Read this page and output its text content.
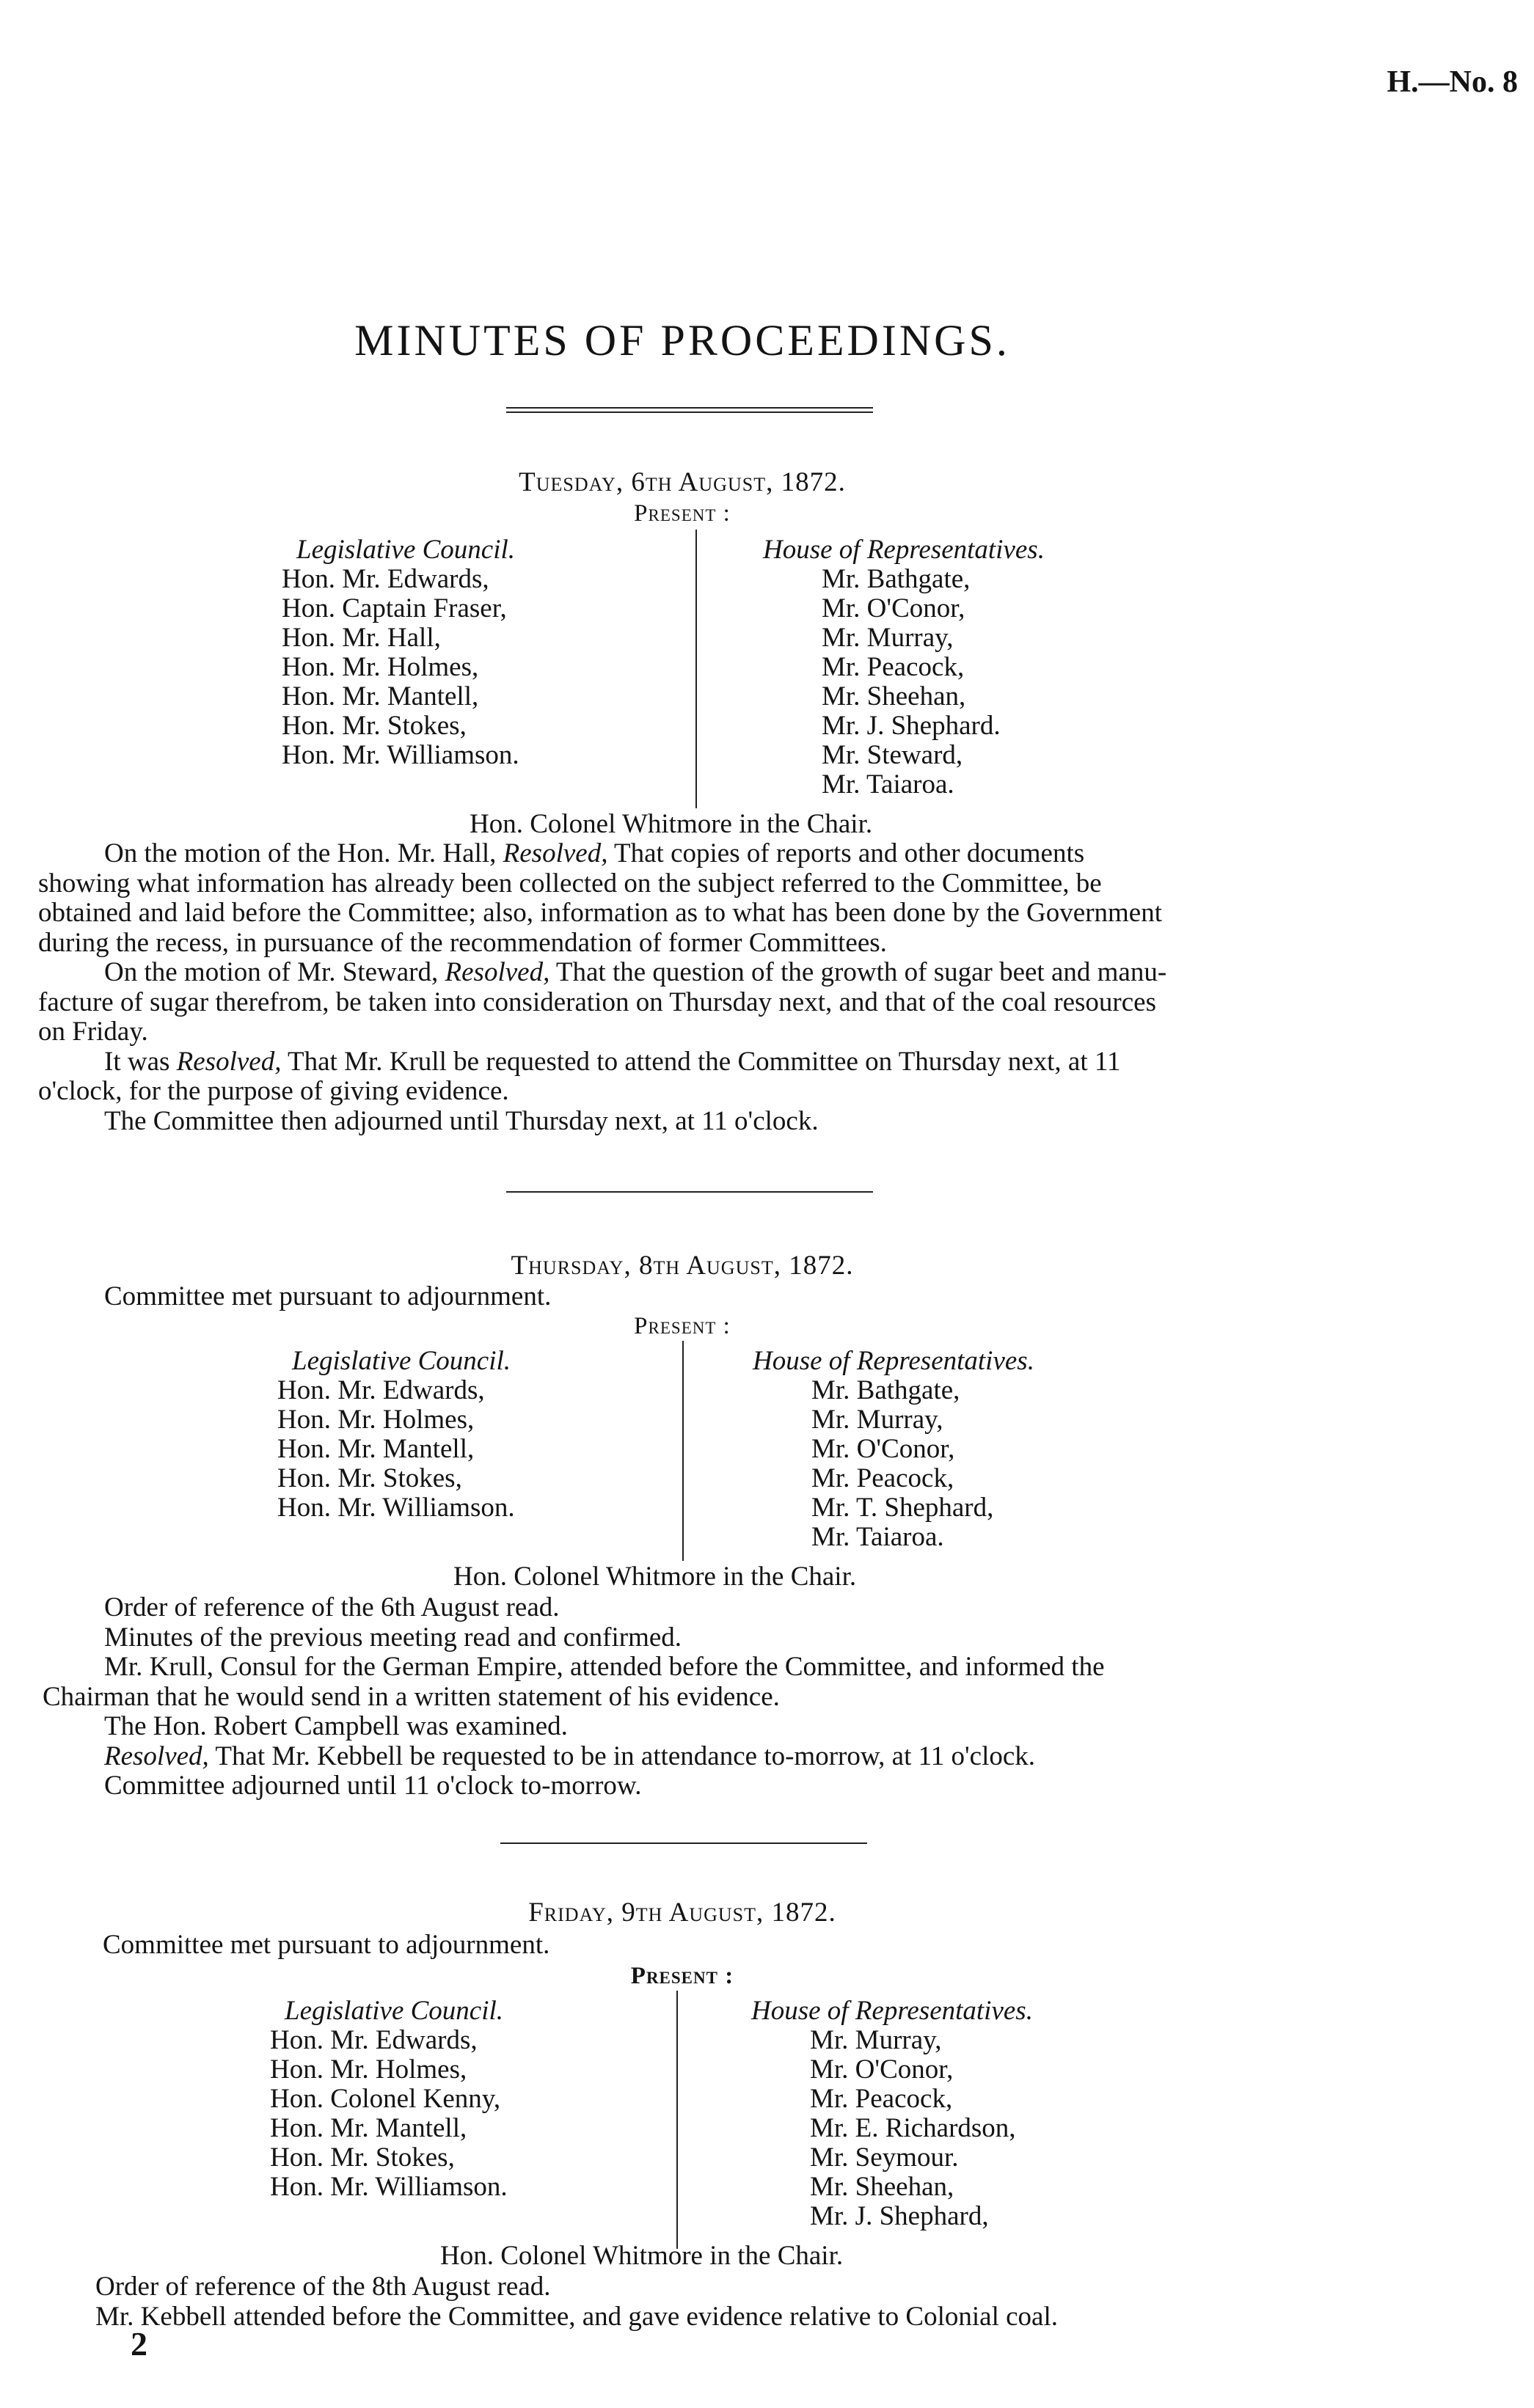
H.—No. 8
MINUTES OF PROCEEDINGS.
Tuesday, 6th August, 1872.
Present :
Legislative Council.
Hon. Mr. Edwards,
Hon. Captain Fraser,
Hon. Mr. Hall,
Hon. Mr. Holmes,
Hon. Mr. Mantell,
Hon. Mr. Stokes,
Hon. Mr. Williamson.
House of Representatives.
Mr. Bathgate,
Mr. O'Conor,
Mr. Murray,
Mr. Peacock,
Mr. Sheehan,
Mr. J. Shephard.
Mr. Steward,
Mr. Taiaroa.
Hon. Colonel Whitmore in the Chair.
On the motion of the Hon. Mr. Hall, Resolved, That copies of reports and other documents
showing what information has already been collected on the subject referred to the Committee, be
obtained and laid before the Committee; also, information as to what has been done by the Government
during the recess, in pursuance of the recommendation of former Committees.
On the motion of Mr. Steward, Resolved, That the question of the growth of sugar beet and manu-
facture of sugar therefrom, be taken into consideration on Thursday next, and that of the coal resources
on Friday.
It was Resolved, That Mr. Krull be requested to attend the Committee on Thursday next, at 11
o'clock, for the purpose of giving evidence.
The Committee then adjourned until Thursday next, at 11 o'clock.
Thursday, 8th August, 1872.
Committee met pursuant to adjournment.
Present :
Legislative Council.
Hon. Mr. Edwards,
Hon. Mr. Holmes,
Hon. Mr. Mantell,
Hon. Mr. Stokes,
Hon. Mr. Williamson.
House of Representatives.
Mr. Bathgate,
Mr. Murray,
Mr. O'Conor,
Mr. Peacock,
Mr. T. Shephard,
Mr. Taiaroa.
Hon. Colonel Whitmore in the Chair.
Order of reference of the 6th August read.
Minutes of the previous meeting read and confirmed.
Mr. Krull, Consul for the German Empire, attended before the Committee, and informed the
Chairman that he would send in a written statement of his evidence.
The Hon. Robert Campbell was examined.
Resolved, That Mr. Kebbell be requested to be in attendance to-morrow, at 11 o'clock.
Committee adjourned until 11 o'clock to-morrow.
Friday, 9th August, 1872.
Committee met pursuant to adjournment.
Present :
Legislative Council.
Hon. Mr. Edwards,
Hon. Mr. Holmes,
Hon. Colonel Kenny,
Hon. Mr. Mantell,
Hon. Mr. Stokes,
Hon. Mr. Williamson.
House of Representatives.
Mr. Murray,
Mr. O'Conor,
Mr. Peacock,
Mr. E. Richardson,
Mr. Seymour.
Mr. Sheehan,
Mr. J. Shephard,
Hon. Colonel Whitmore in the Chair.
Order of reference of the 8th August read.
Mr. Kebbell attended before the Committee, and gave evidence relative to Colonial coal.
2
